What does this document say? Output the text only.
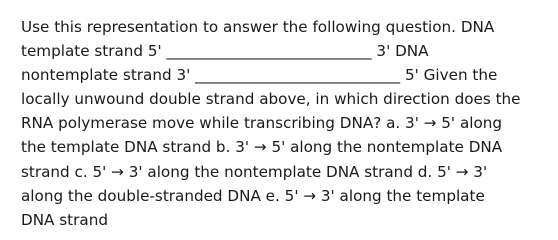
Use this representation to answer the following question. DNA
template strand 5' ___________________________ 3' DNA
nontemplate strand 3' ___________________________ 5' Given the
locally unwound double strand above, in which direction does the
RNA polymerase move while transcribing DNA? a. 3' → 5' along
the template DNA strand b. 3' → 5' along the nontemplate DNA
strand c. 5' → 3' along the nontemplate DNA strand d. 5' → 3'
along the double-stranded DNA e. 5' → 3' along the template
DNA strand
